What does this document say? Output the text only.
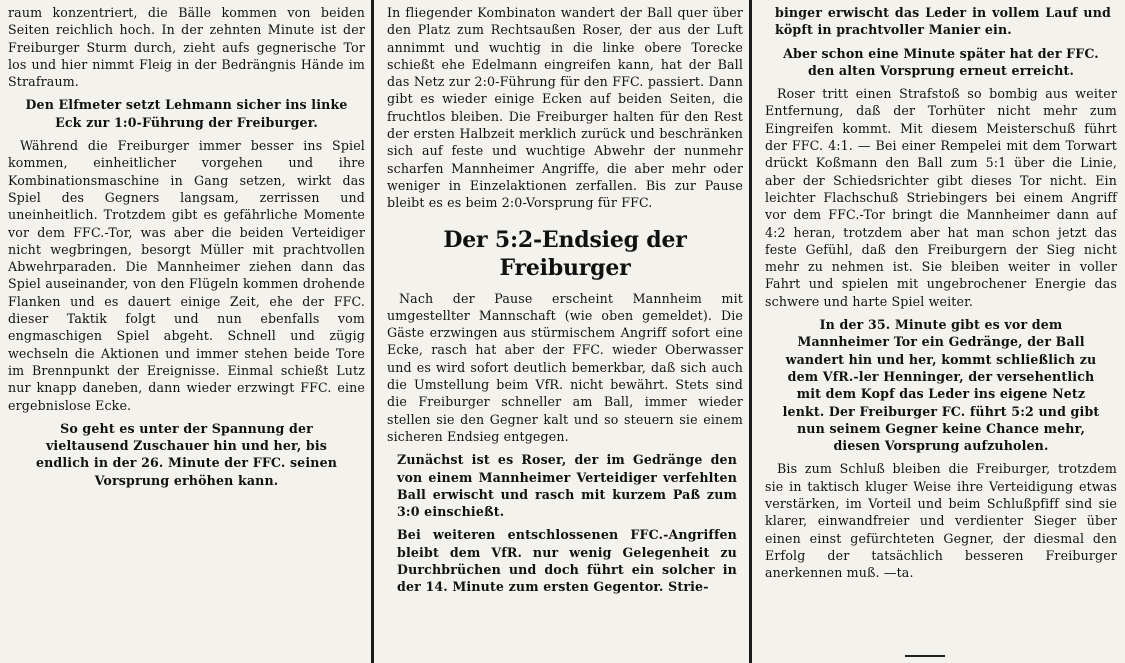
raum konzentriert, die Bälle kommen von beiden Seiten reichlich hoch. In der zehnten Minute ist der Freiburger Sturm durch, zieht aufs gegnerische Tor los und hier nimmt Fleig in der Bedrängnis Hände im Strafraum.

Den Elfmeter setzt Lehmann sicher ins linke Eck zur 1:0-Führung der Freiburger.

Während die Freiburger immer besser ins Spiel kommen, einheitlicher vorgehen und ihre Kombinationsmaschine in Gang setzen, wirkt das Spiel des Gegners langsam, zerrissen und uneinheitlich. Trotzdem gibt es gefährliche Momente vor dem FFC.-Tor, was aber die beiden Verteidiger nicht wegbringen, besorgt Müller mit prachtvollen Abwehrparaden. Die Mannheimer ziehen dann das Spiel auseinander, von den Flügeln kommen drohende Flanken und es dauert einige Zeit, ehe der FFC. dieser Taktik folgt und nun ebenfalls vom engmaschigen Spiel abgeht. Schnell und zügig wechseln die Aktionen und immer stehen beide Tore im Brennpunkt der Ereignisse. Einmal schießt Lutz nur knapp daneben, dann wieder erzwingt FFC. eine ergebnislose Ecke.

So geht es unter der Spannung der vieltausend Zuschauer hin und her, bis endlich in der 26. Minute der FFC. seinen Vorsprung erhöhen kann.

In fliegender Kombinaton wandert der Ball quer über den Platz zum Rechtsaußen Roser, der aus der Luft annimmt und wuchtig in die linke obere Torecke schießt ehe Edelmann eingreifen kann, hat der Ball das Netz zur 2:0-Führung für den FFC. passiert. Dann gibt es wieder einige Ecken auf beiden Seiten, die fruchtlos bleiben. Die Freiburger halten für den Rest der ersten Halbzeit merklich zurück und beschränken sich auf feste und wuchtige Abwehr der nunmehr scharfen Mannheimer Angriffe, die aber mehr oder weniger in Einzelaktionen zerfallen. Bis zur Pause bleibt es es beim 2:0-Vorsprung für FFC.

Der 5:2-Endsieg der Freiburger

Nach der Pause erscheint Mannheim mit umgestellter Mannschaft (wie oben gemeldet). Die Gäste erzwingen aus stürmischem Angriff sofort eine Ecke, rasch hat aber der FFC. wieder Oberwasser und es wird sofort deutlich bemerkbar, daß sich auch die Umstellung beim VfR. nicht bewährt. Stets sind die Freiburger schneller am Ball, immer wieder stellen sie den Gegner kalt und so steuern sie einem sicheren Endsieg entgegen.

Zunächst ist es Roser, der im Gedränge den von einem Mannheimer Verteidiger verfehlten Ball erwischt und rasch mit kurzem Paß zum 3:0 einschießt.

Bei weiteren entschlossenen FFC.-Angriffen bleibt dem VfR. nur wenig Gelegenheit zu Durchbrüchen und doch führt ein solcher in der 14. Minute zum ersten Gegentor. Strie-

binger erwischt das Leder in vollem Lauf und köpft in prachtvoller Manier ein.

Aber schon eine Minute später hat der FFC. den alten Vorsprung erneut erreicht.

Roser tritt einen Strafstoß so bombig aus weiter Entfernung, daß der Torhüter nicht mehr zum Eingreifen kommt. Mit diesem Meisterschuß führt der FFC. 4:1. — Bei einer Rempelei mit dem Torwart drückt Koßmann den Ball zum 5:1 über die Linie, aber der Schiedsrichter gibt dieses Tor nicht. Ein leichter Flachschuß Striebingers bei einem Angriff vor dem FFC.-Tor bringt die Mannheimer dann auf 4:2 heran, trotzdem aber hat man schon jetzt das feste Gefühl, daß den Freiburgern der Sieg nicht mehr zu nehmen ist. Sie bleiben weiter in voller Fahrt und spielen mit ungebrochener Energie das schwere und harte Spiel weiter.

In der 35. Minute gibt es vor dem Mannheimer Tor ein Gedränge, der Ball wandert hin und her, kommt schließlich zu dem VfR.-ler Henninger, der versehentlich mit dem Kopf das Leder ins eigene Netz lenkt. Der Freiburger FC. führt 5:2 und gibt nun seinem Gegner keine Chance mehr, diesen Vorsprung aufzuholen.

Bis zum Schluß bleiben die Freiburger, trotzdem sie in taktisch kluger Weise ihre Verteidigung etwas verstärken, im Vorteil und beim Schlußpfiff sind sie klarer, einwandfreier und verdienter Sieger über einen einst gefürchteten Gegner, der diesmal den Erfolg der tatsächlich besseren Freiburger anerkennen muß. —ta.
